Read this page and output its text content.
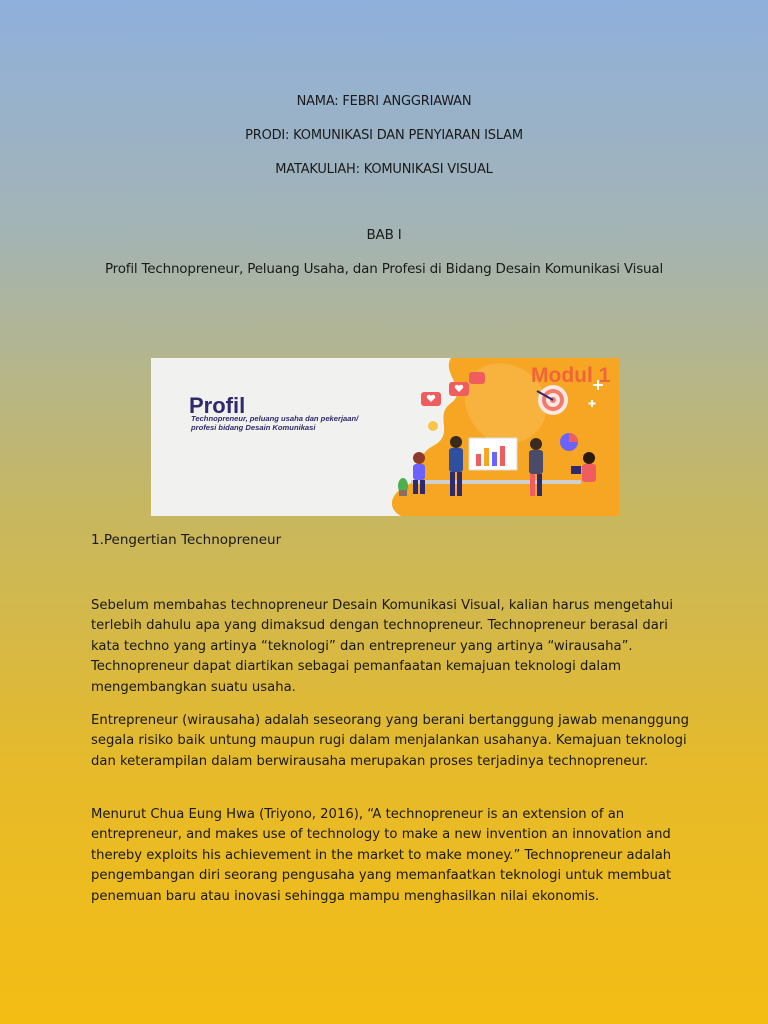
NAMA: FEBRI ANGGRIAWAN
PRODI: KOMUNIKASI DAN PENYIARAN ISLAM
MATAKULIAH: KOMUNIKASI VISUAL
BAB I
Profil Technopreneur, Peluang Usaha, dan Profesi di Bidang Desain Komunikasi Visual
Modul 1
Profil
Technopreneur, peluang usaha dan pekerjaan/
profesi bidang Desain Komunikasi
1.Pengertian Technopreneur

Sebelum membahas technopreneur Desain Komunikasi Visual, kalian harus mengetahui terlebih dahulu apa yang dimaksud dengan technopreneur. Technopreneur berasal dari kata techno yang artinya “teknologi” dan entrepreneur yang artinya “wirausaha”. Technopreneur dapat diartikan sebagai pemanfaatan kemajuan teknologi dalam mengembangkan suatu usaha.

Entrepreneur (wirausaha) adalah seseorang yang berani bertanggung jawab menanggung segala risiko baik untung maupun rugi dalam menjalankan usahanya. Kemajuan teknologi dan keterampilan dalam berwirausaha merupakan proses terjadinya technopreneur.

Menurut Chua Eung Hwa (Triyono, 2016), “A technopreneur is an extension of an entrepreneur, and makes use of technology to make a new invention an innovation and thereby exploits his achievement in the market to make money.” Technopreneur adalah pengembangan diri seorang pengusaha yang memanfaatkan teknologi untuk membuat penemuan baru atau inovasi sehingga mampu menghasilkan nilai ekonomis.
